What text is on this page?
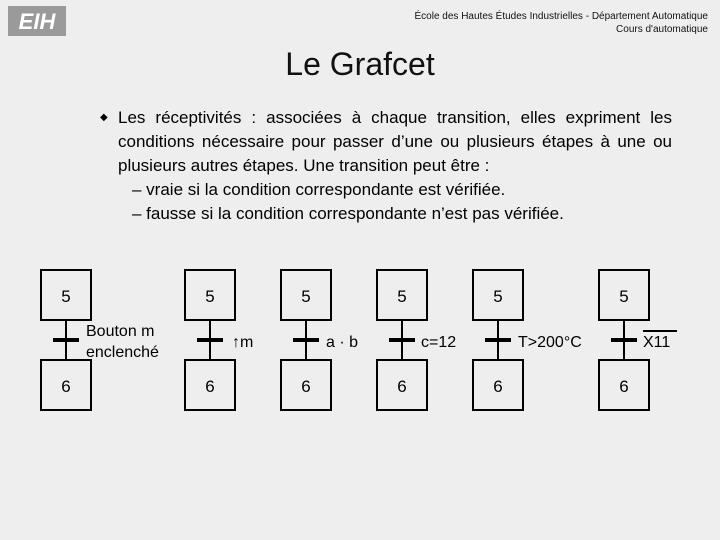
EIH	École des Hautes Études Industrielles - Département Automatique
Cours d'automatique
Le Grafcet
◆ Les réceptivités : associées à chaque transition, elles expriment les conditions nécessaire pour passer d’une ou plusieurs étapes à une ou plusieurs autres étapes. Une transition peut être :
– vraie si la condition correspondante est vérifiée.
– fausse si la condition correspondante n’est pas vérifiée.
5
6
Bouton m
enclenché
5
6
↑m
5
6
a · b
5
6
c=12
5
6
T>200°C
5
6
X11
